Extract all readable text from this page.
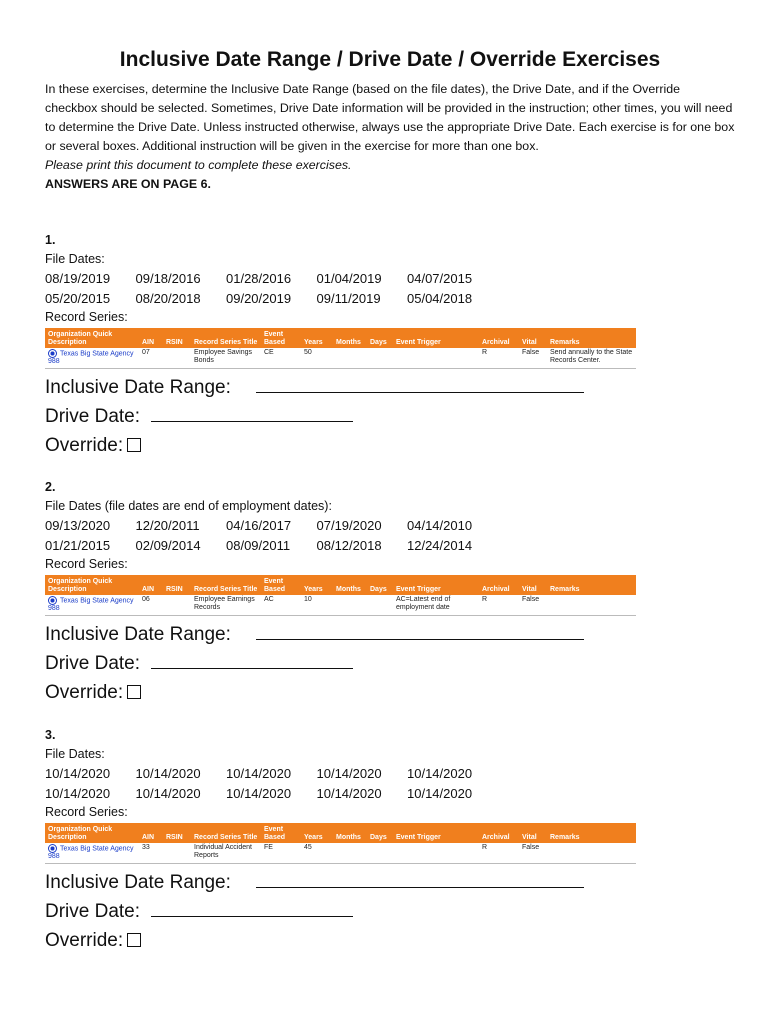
Inclusive Date Range / Drive Date / Override Exercises

In these exercises, determine the Inclusive Date Range (based on the file dates), the Drive Date, and if the Override checkbox should be selected. Sometimes, Drive Date information will be provided in the instruction; other times, you will need to determine the Drive Date. Unless instructed otherwise, always use the appropriate Drive Date. Each exercise is for one box or several boxes. Additional instruction will be given in the exercise for more than one box.

Please print this document to complete these exercises.

ANSWERS ARE ON PAGE 6.

1.
File Dates:
08/19/2019	09/18/2016	01/28/2016	01/04/2019	04/07/2015
05/20/2015	08/20/2018	09/20/2019	09/11/2019	05/04/2018
Record Series:
Organization Quick Description	AIN	RSIN	Record Series Title	Event Based	Years	Months	Days	Event Trigger	Archival	Vital	Remarks
Texas Big State Agency 988	07		Employee Savings Bonds	CE	50				R	False	Send annually to the State Records Center.
Inclusive Date Range:
Drive Date:
Override:
2.
File Dates (file dates are end of employment dates):
09/13/2020	12/20/2011	04/16/2017	07/19/2020	04/14/2010
01/21/2015	02/09/2014	08/09/2011	08/12/2018	12/24/2014
Record Series:
Organization Quick Description	AIN	RSIN	Record Series Title	Event Based	Years	Months	Days	Event Trigger	Archival	Vital	Remarks
Texas Big State Agency 988	06		Employee Earnings Records	AC	10			AC=Latest end of employment date	R	False	
Inclusive Date Range:
Drive Date:
Override:
3.
File Dates:
10/14/2020	10/14/2020	10/14/2020	10/14/2020	10/14/2020
10/14/2020	10/14/2020	10/14/2020	10/14/2020	10/14/2020
Record Series:
Organization Quick Description	AIN	RSIN	Record Series Title	Event Based	Years	Months	Days	Event Trigger	Archival	Vital	Remarks
Texas Big State Agency 988	33		Individual Accident Reports	FE	45				R	False	
Inclusive Date Range:
Drive Date:
Override:
